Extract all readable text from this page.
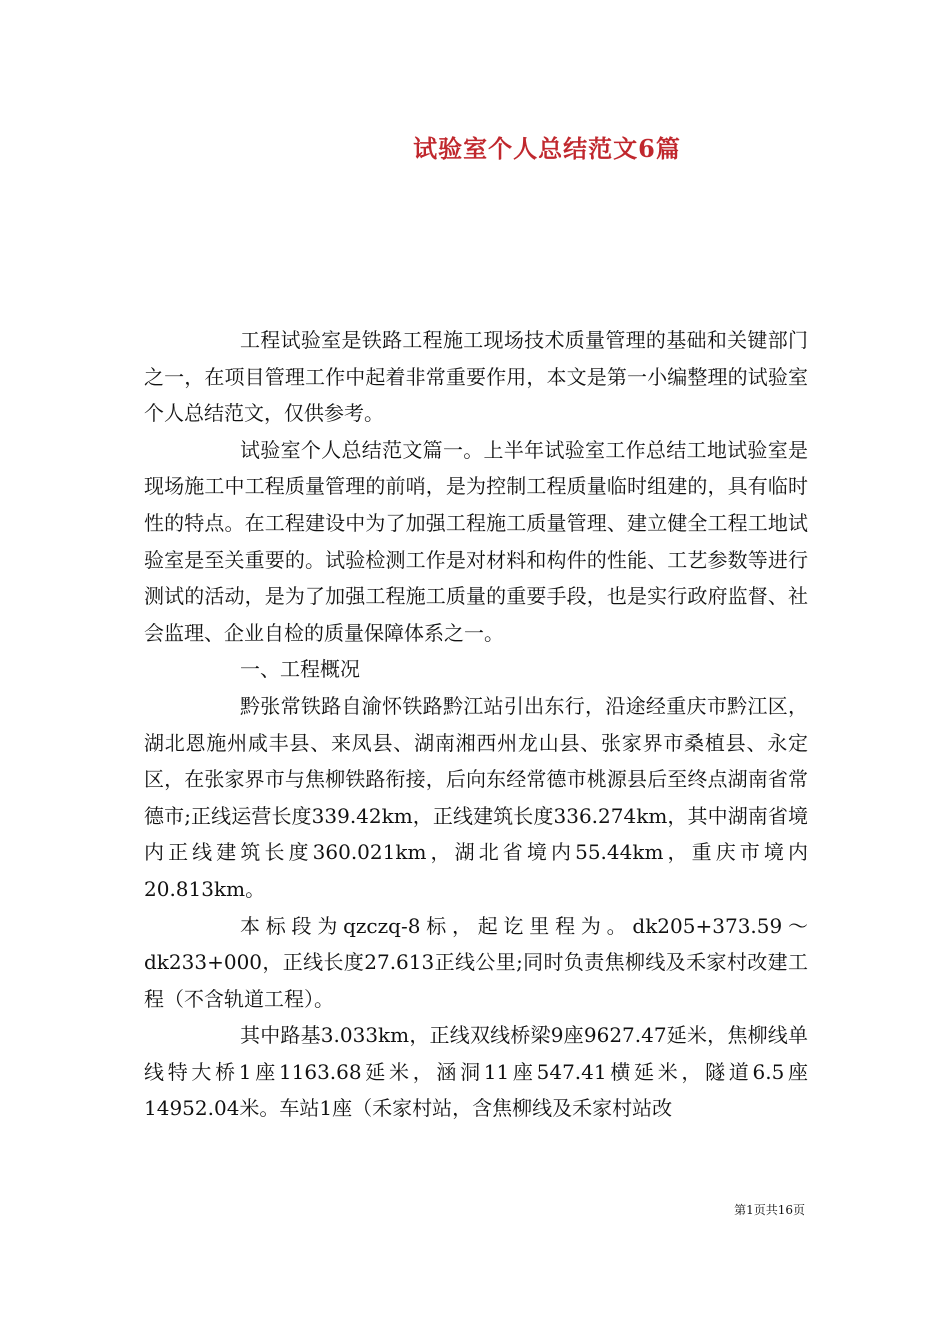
试验室个人总结范文6篇

工程试验室是铁路工程施工现场技术质量管理的基础和关键部门之一，在项目管理工作中起着非常重要作用，本文是第一小编整理的试验室个人总结范文，仅供参考。

试验室个人总结范文篇一。上半年试验室工作总结工地试验室是现场施工中工程质量管理的前哨，是为控制工程质量临时组建的，具有临时性的特点。在工程建设中为了加强工程施工质量管理、建立健全工程工地试验室是至关重要的。试验检测工作是对材料和构件的性能、工艺参数等进行测试的活动，是为了加强工程施工质量的重要手段，也是实行政府监督、社会监理、企业自检的质量保障体系之一。

一、工程概况

黔张常铁路自渝怀铁路黔江站引出东行，沿途经重庆市黔江区，湖北恩施州咸丰县、来凤县、湖南湘西州龙山县、张家界市桑植县、永定区，在张家界市与焦柳铁路衔接，后向东经常德市桃源县后至终点湖南省常德市;正线运营长度339.42km，正线建筑长度336.274km，其中湖南省境内正线建筑长度360.021km，湖北省境内55.44km，重庆市境内20.813km。

本标段为qzczq-8标，起讫里程为。dk205+373.59～dk233+000，正线长度27.613正线公里;同时负责焦柳线及禾家村改建工程（不含轨道工程）。

其中路基3.033km，正线双线桥梁9座9627.47延米，焦柳线单线特大桥1座1163.68延米，涵洞11座547.41横延米，隧道6.5座14952.04米。车站1座（禾家村站，含焦柳线及禾家村站改

第1页共16页
